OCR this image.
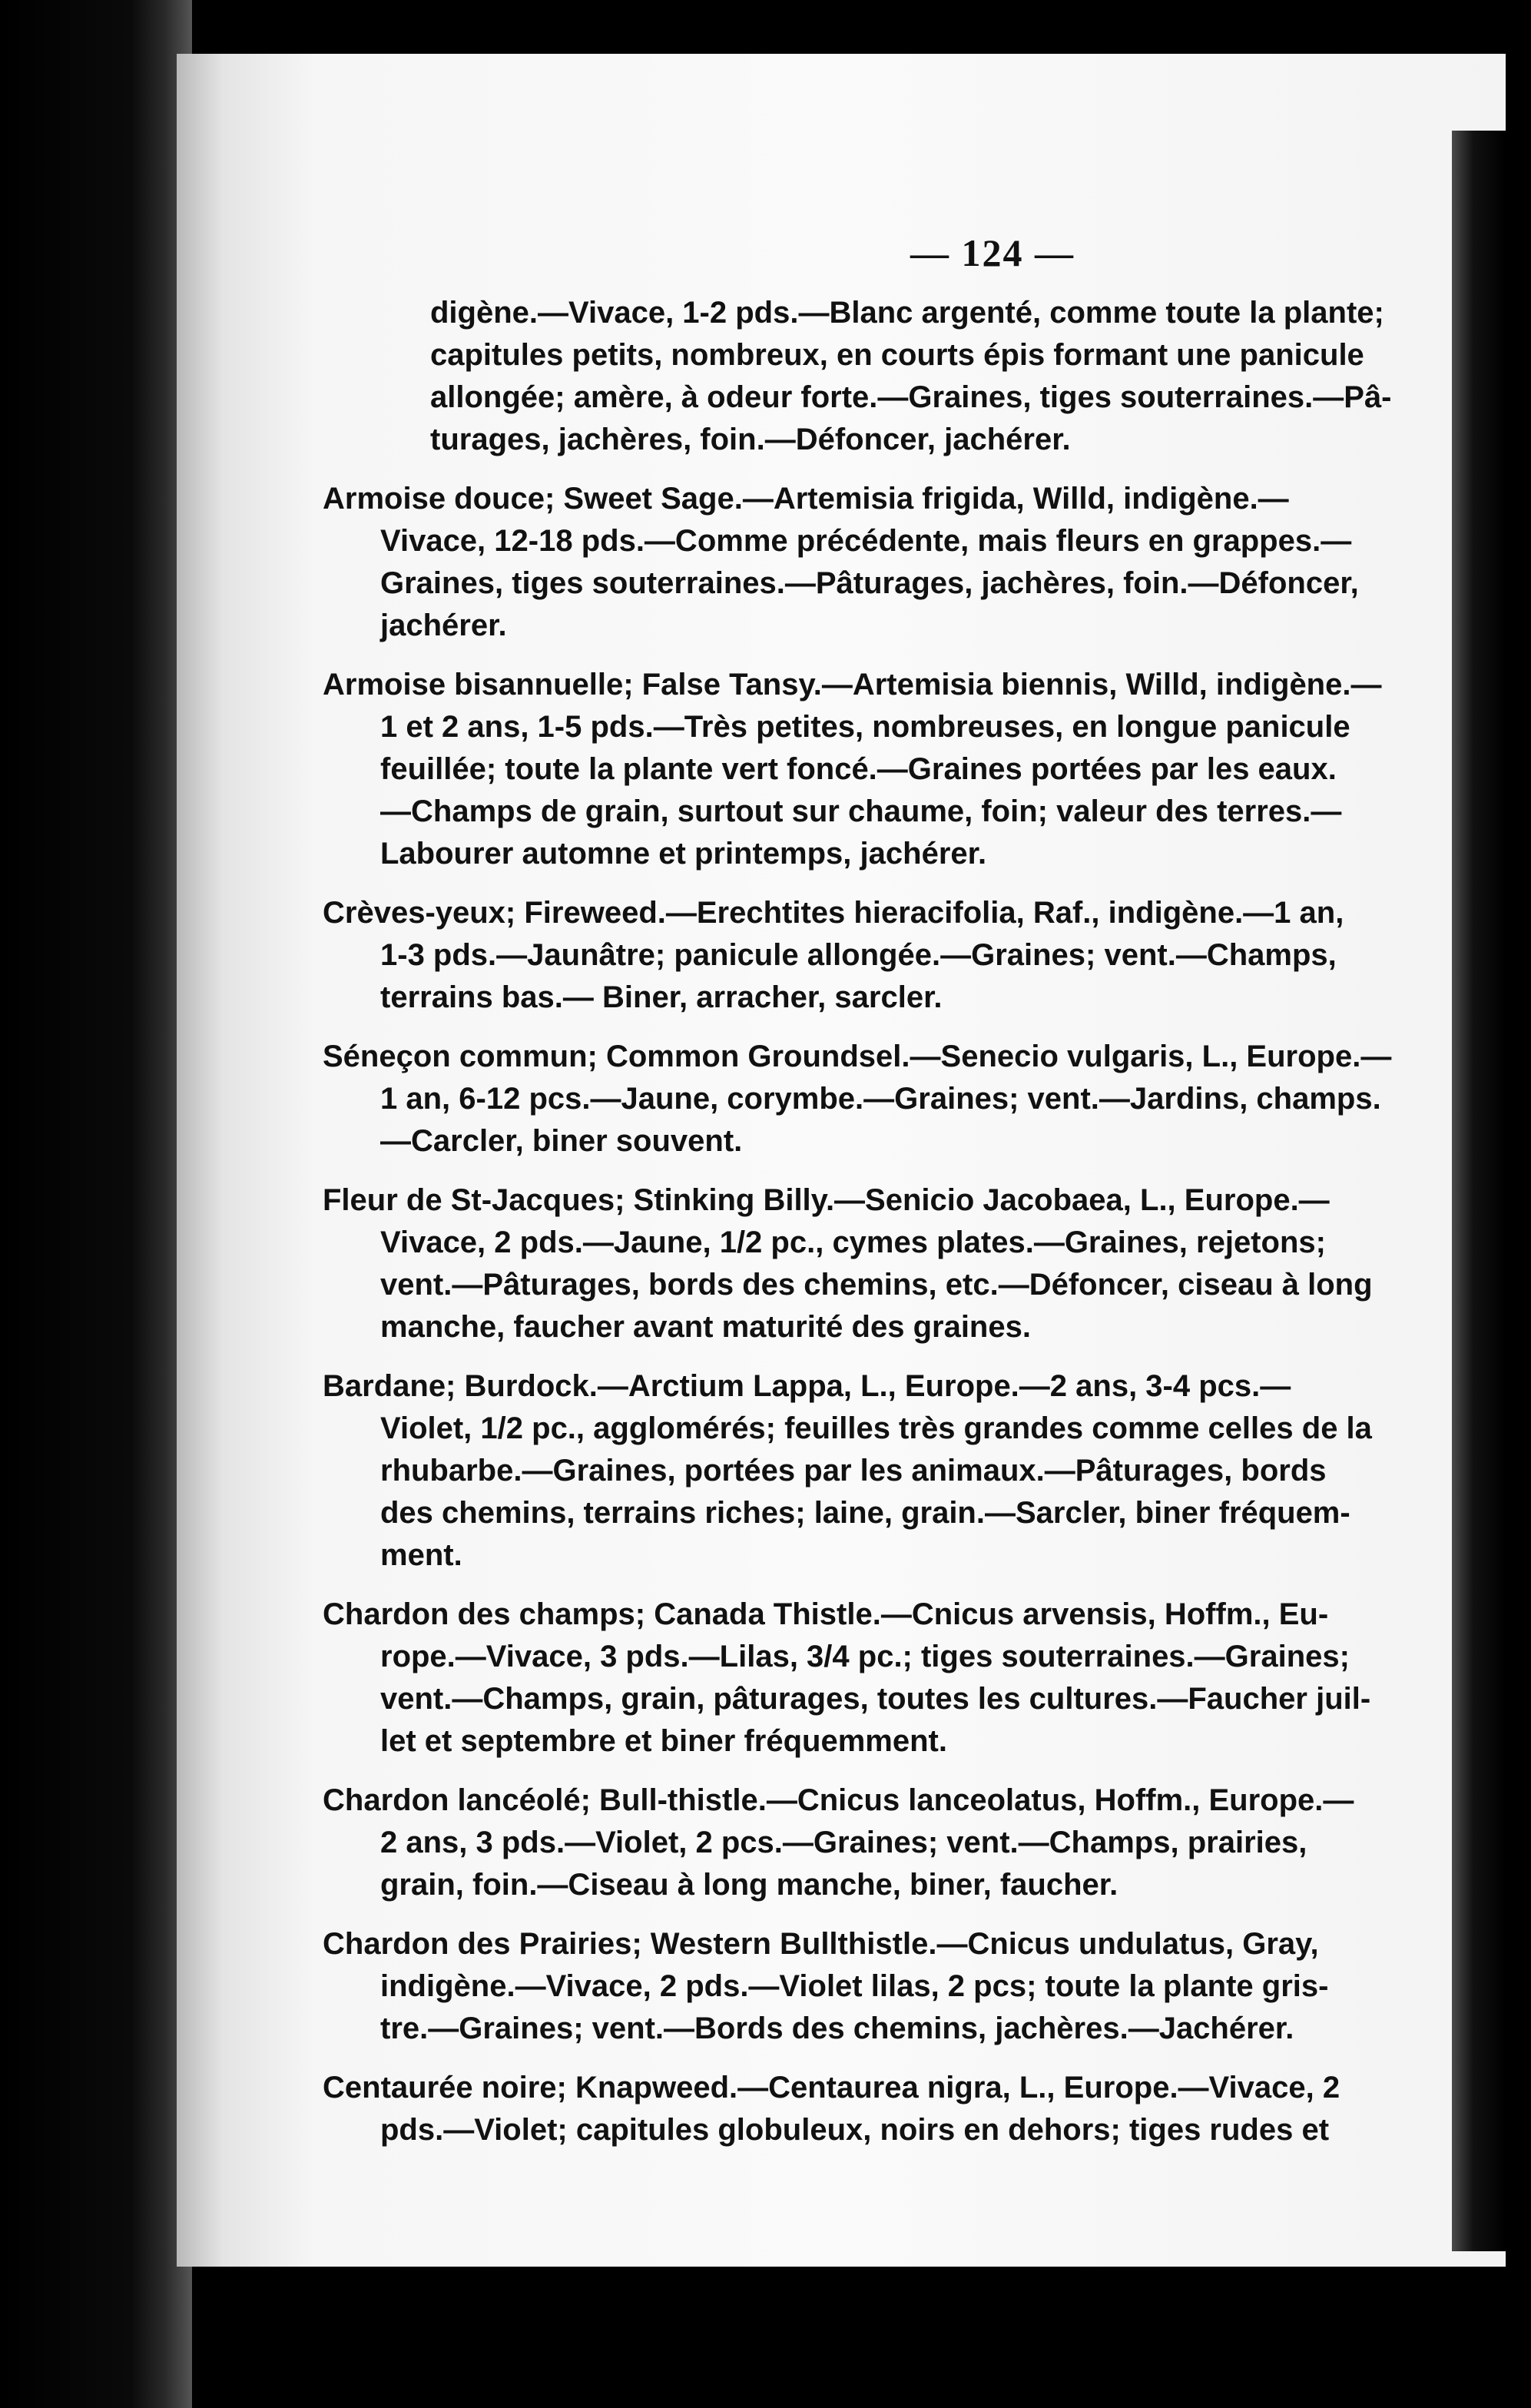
— 124 —
digène.—Vivace, 1-2 pds.—Blanc argenté, comme toute la plante;
capitules petits, nombreux, en courts épis formant une panicule
allongée; amère, à odeur forte.—Graines, tiges souterraines.—Pâ-
turages, jachères, foin.—Défoncer, jachérer.
Armoise douce; Sweet Sage.—Artemisia frigida, Willd, indigène.—
Vivace, 12-18 pds.—Comme précédente, mais fleurs en grappes.—
Graines, tiges souterraines.—Pâturages, jachères, foin.—Défoncer,
jachérer.
Armoise bisannuelle; False Tansy.—Artemisia biennis, Willd, indigène.—
1 et 2 ans, 1-5 pds.—Très petites, nombreuses, en longue panicule
feuillée; toute la plante vert foncé.—Graines portées par les eaux.
—Champs de grain, surtout sur chaume, foin; valeur des terres.—
Labourer automne et printemps, jachérer.
Crèves-yeux; Fireweed.—Erechtites hieracifolia, Raf., indigène.—1 an,
1-3 pds.—Jaunâtre; panicule allongée.—Graines; vent.—Champs,
terrains bas.— Biner, arracher, sarcler.
Séneçon commun; Common Groundsel.—Senecio vulgaris, L., Europe.—
1 an, 6-12 pcs.—Jaune, corymbe.—Graines; vent.—Jardins, champs.
—Carcler, biner souvent.
Fleur de St-Jacques; Stinking Billy.—Senicio Jacobaea, L., Europe.—
Vivace, 2 pds.—Jaune, 1/2 pc., cymes plates.—Graines, rejetons;
vent.—Pâturages, bords des chemins, etc.—Défoncer, ciseau à long
manche, faucher avant maturité des graines.
Bardane; Burdock.—Arctium Lappa, L., Europe.—2 ans, 3-4 pcs.—
Violet, 1/2 pc., agglomérés; feuilles très grandes comme celles de la
rhubarbe.—Graines, portées par les animaux.—Pâturages, bords
des chemins, terrains riches; laine, grain.—Sarcler, biner fréquem-
ment.
Chardon des champs; Canada Thistle.—Cnicus arvensis, Hoffm., Eu-
rope.—Vivace, 3 pds.—Lilas, 3/4 pc.; tiges souterraines.—Graines;
vent.—Champs, grain, pâturages, toutes les cultures.—Faucher juil-
let et septembre et biner fréquemment.
Chardon lancéolé; Bull-thistle.—Cnicus lanceolatus, Hoffm., Europe.—
2 ans, 3 pds.—Violet, 2 pcs.—Graines; vent.—Champs, prairies,
grain, foin.—Ciseau à long manche, biner, faucher.
Chardon des Prairies; Western Bullthistle.—Cnicus undulatus, Gray,
indigène.—Vivace, 2 pds.—Violet lilas, 2 pcs; toute la plante gris-
tre.—Graines; vent.—Bords des chemins, jachères.—Jachérer.
Centaurée noire; Knapweed.—Centaurea nigra, L., Europe.—Vivace, 2
pds.—Violet; capitules globuleux, noirs en dehors; tiges rudes et
